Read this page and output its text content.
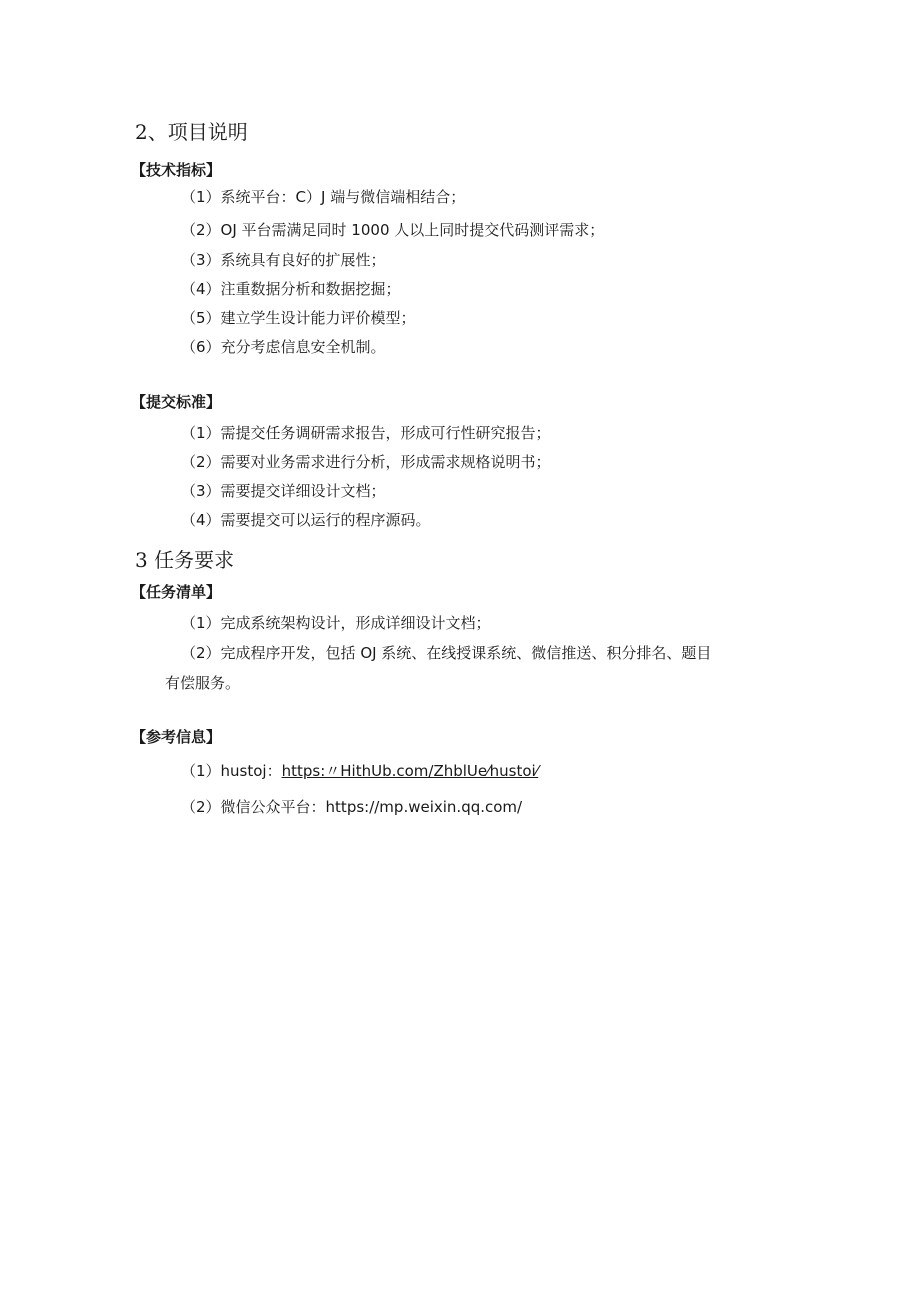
2、项目说明
【技术指标】
（1）系统平台：C）J 端与微信端相结合；
（2）OJ 平台需满足同时 1000 人以上同时提交代码测评需求；
（3）系统具有良好的扩展性；
（4）注重数据分析和数据挖掘；
（5）建立学生设计能力评价模型；
（6）充分考虑信息安全机制。
【提交标准】
（1）需提交任务调研需求报告，形成可行性研究报告；
（2）需要对业务需求进行分析，形成需求规格说明书；
（3）需要提交详细设计文档；
（4）需要提交可以运行的程序源码。
3 任务要求
【任务清单】
（1）完成系统架构设计，形成详细设计文档；
（2）完成程序开发，包括 OJ 系统、在线授课系统、微信推送、积分排名、题目
有偿服务。
【参考信息】
（1）hustoj：https:〃HithUb.com/ZhblUe⁄hustoi⁄
（2）微信公众平台：https://mp.weixin.qq.com/
